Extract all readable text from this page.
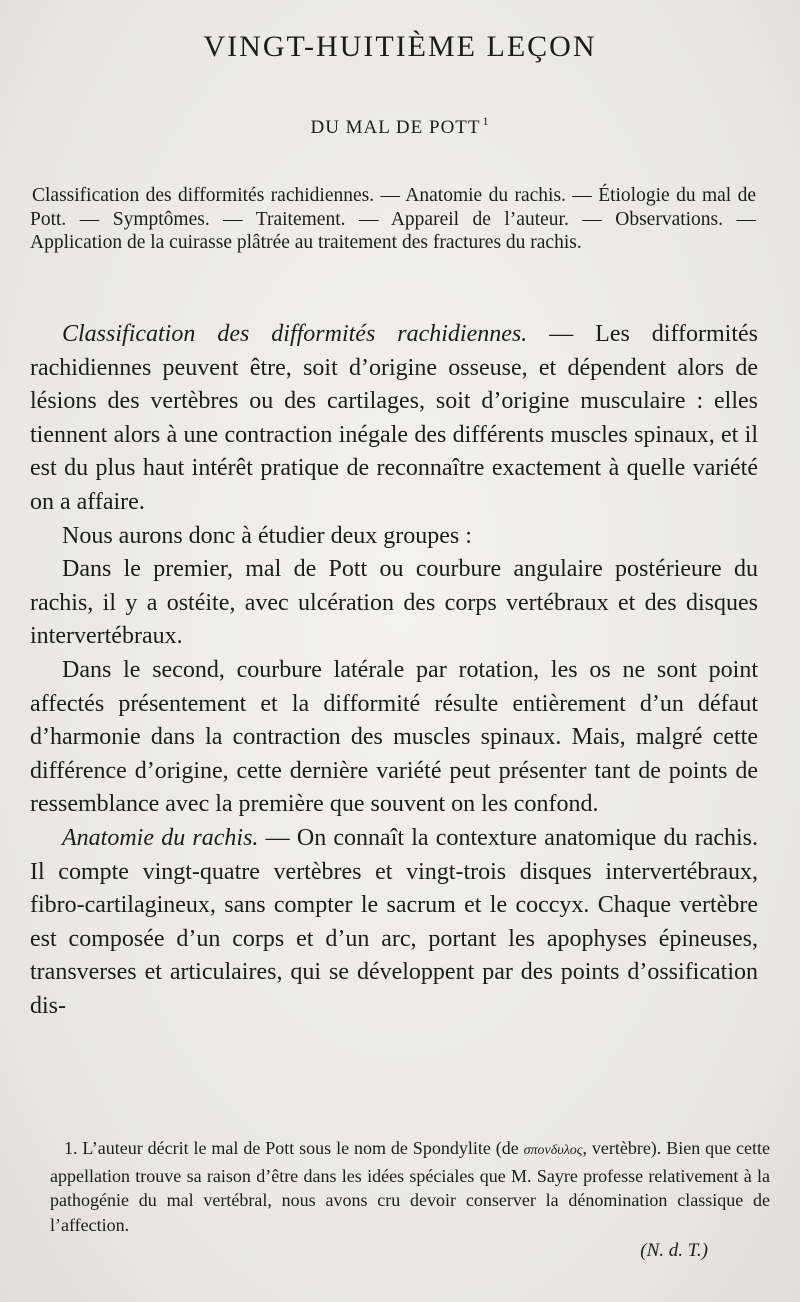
VINGT-HUITIÈME LEÇON
DU MAL DE POTT $^1$
Classification des difformités rachidiennes. — Anatomie du rachis. — Étiologie du mal de Pott. — Symptômes. — Traitement. — Appareil de l’auteur. — Observations. — Application de la cuirasse plâtrée au traitement des fractures du rachis.

Classification des difformités rachidiennes. — Les difformités rachidiennes peuvent être, soit d’origine osseuse, et dépendent alors de lésions des vertèbres ou des cartilages, soit d’origine musculaire : elles tiennent alors à une contraction inégale des différents muscles spinaux, et il est du plus haut intérêt pratique de reconnaître exactement à quelle variété on a affaire.

Nous aurons donc à étudier deux groupes :

Dans le premier, mal de Pott ou courbure angulaire postérieure du rachis, il y a ostéite, avec ulcération des corps vertébraux et des disques intervertébraux.

Dans le second, courbure latérale par rotation, les os ne sont point affectés présentement et la difformité résulte entièrement d’un défaut d’harmonie dans la contraction des muscles spinaux. Mais, malgré cette différence d’origine, cette dernière variété peut présenter tant de points de ressemblance avec la première que souvent on les confond.

Anatomie du rachis. — On connaît la contexture anatomique du rachis. Il compte vingt-quatre vertèbres et vingt-trois disques intervertébraux, fibro-cartilagineux, sans compter le sacrum et le coccyx. Chaque vertèbre est composée d’un corps et d’un arc, portant les apophyses épineuses, transverses et articulaires, qui se développent par des points d’ossification dis-

1. L’auteur décrit le mal de Pott sous le nom de Spondylite (de σπονδυλος, vertèbre). Bien que cette appellation trouve sa raison d’être dans les idées spéciales que M. Sayre professe relativement à la pathogénie du mal vertébral, nous avons cru devoir conserver la dénomination classique de l’affection.

(N. d. T.)
